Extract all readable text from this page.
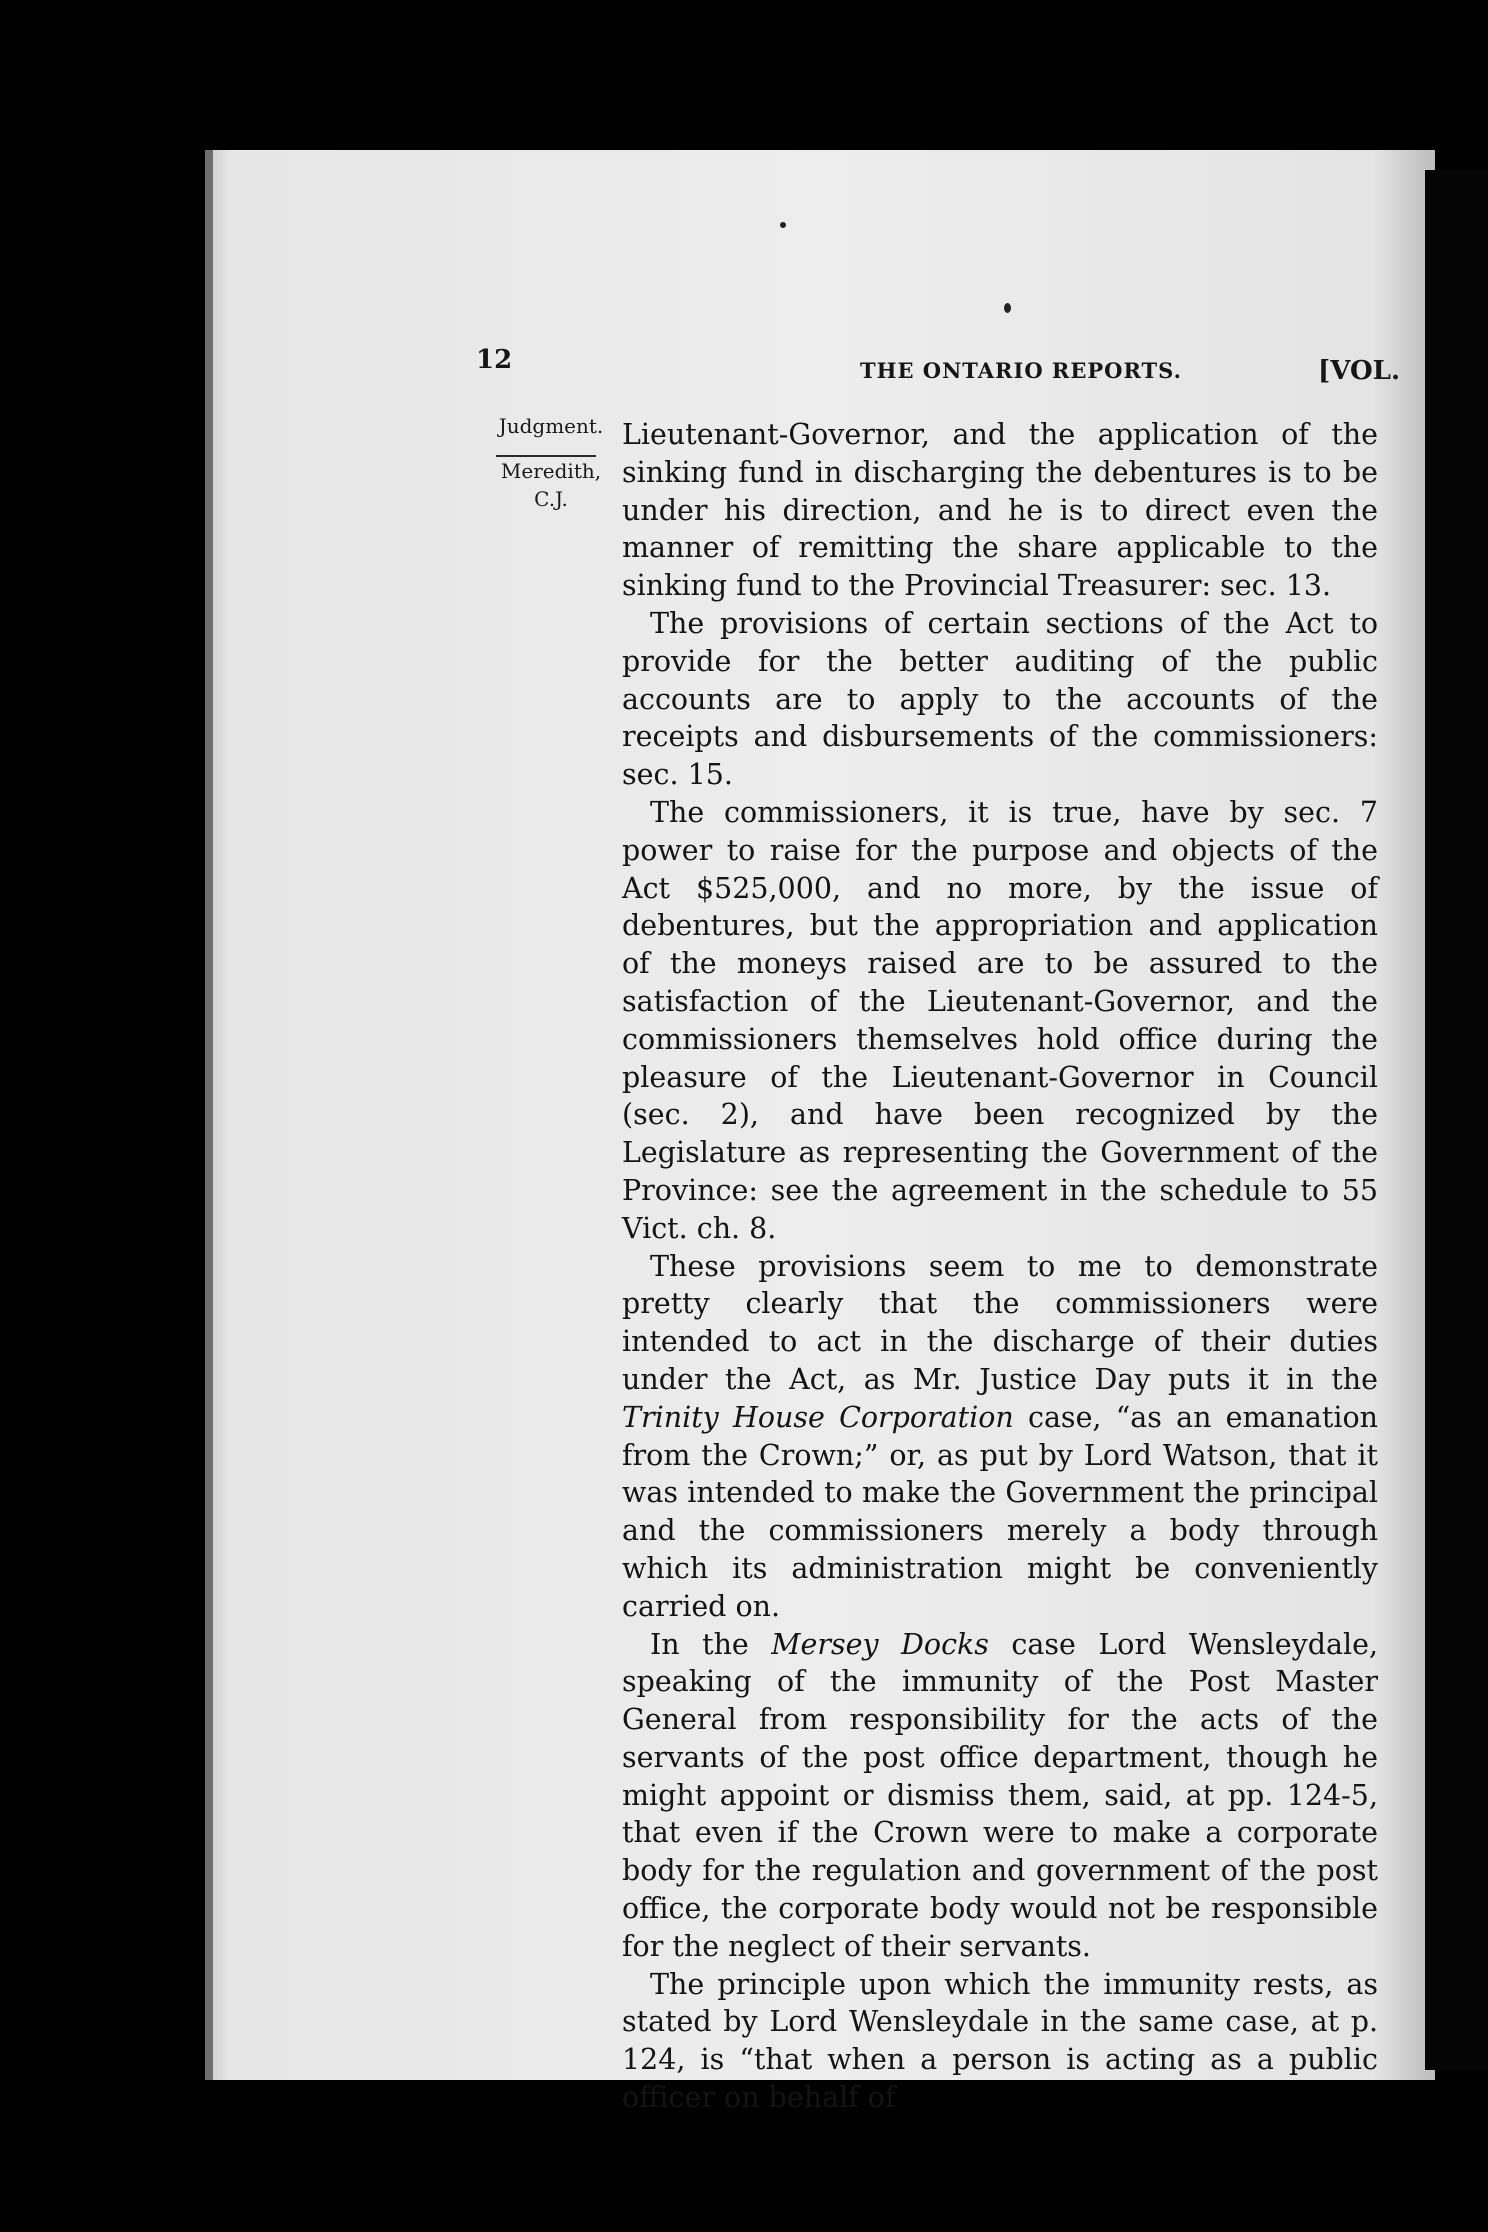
12	THE ONTARIO REPORTS.	[VOL.
Judgment.
Meredith,
C.J.

Lieutenant-Governor, and the application of the sinking fund in discharging the debentures is to be under his direction, and he is to direct even the manner of remitting the share applicable to the sinking fund to the Provincial Treasurer: sec. 13.

The provisions of certain sections of the Act to provide for the better auditing of the public accounts are to apply to the accounts of the receipts and disbursements of the commissioners: sec. 15.

The commissioners, it is true, have by sec. 7 power to raise for the purpose and objects of the Act $525,000, and no more, by the issue of debentures, but the appropriation and application of the moneys raised are to be assured to the satisfaction of the Lieutenant-Governor, and the commissioners themselves hold office during the pleasure of the Lieutenant-Governor in Council (sec. 2), and have been recognized by the Legislature as representing the Government of the Province: see the agreement in the schedule to 55 Vict. ch. 8.

These provisions seem to me to demonstrate pretty clearly that the commissioners were intended to act in the discharge of their duties under the Act, as Mr. Justice Day puts it in the Trinity House Corporation case, “as an emanation from the Crown;” or, as put by Lord Watson, that it was intended to make the Government the principal and the commissioners merely a body through which its administration might be conveniently carried on.

In the Mersey Docks case Lord Wensleydale, speaking of the immunity of the Post Master General from responsibility for the acts of the servants of the post office department, though he might appoint or dismiss them, said, at pp. 124-5, that even if the Crown were to make a corporate body for the regulation and government of the post office, the corporate body would not be responsible for the neglect of their servants.

The principle upon which the immunity rests, as stated by Lord Wensleydale in the same case, at p. 124, is “that when a person is acting as a public officer on behalf of
